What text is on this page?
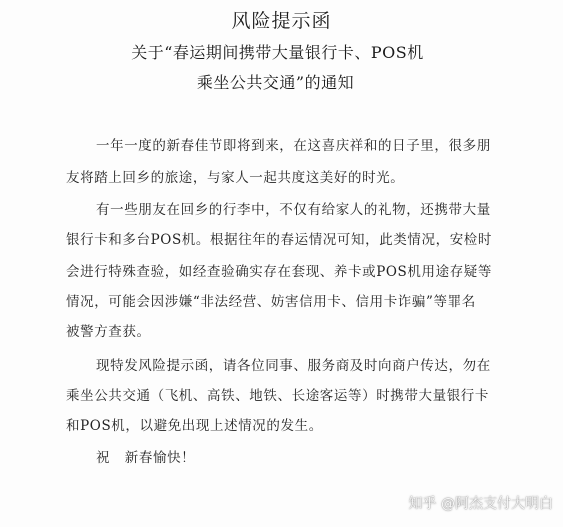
风险提示函
关于“春运期间携带大量银行卡、POS机
乘坐公共交通”的通知
一年一度的新春佳节即将到来，在这喜庆祥和的日子里，很多朋
友将踏上回乡的旅途，与家人一起共度这美好的时光。
有一些朋友在回乡的行李中，不仅有给家人的礼物，还携带大量
银行卡和多台POS机。根据往年的春运情况可知，此类情况，安检时
会进行特殊查验，如经查验确实存在套现、养卡或POS机用途存疑等
情况，可能会因涉嫌“非法经营、妨害信用卡、信用卡诈骗”等罪名
被警方查获。
现特发风险提示函，请各位同事、服务商及时向商户传达，勿在
乘坐公共交通（飞机、高铁、地铁、长途客运等）时携带大量银行卡
和POS机，以避免出现上述情况的发生。
祝   新春愉快！
知乎 @阿杰支付大明白
